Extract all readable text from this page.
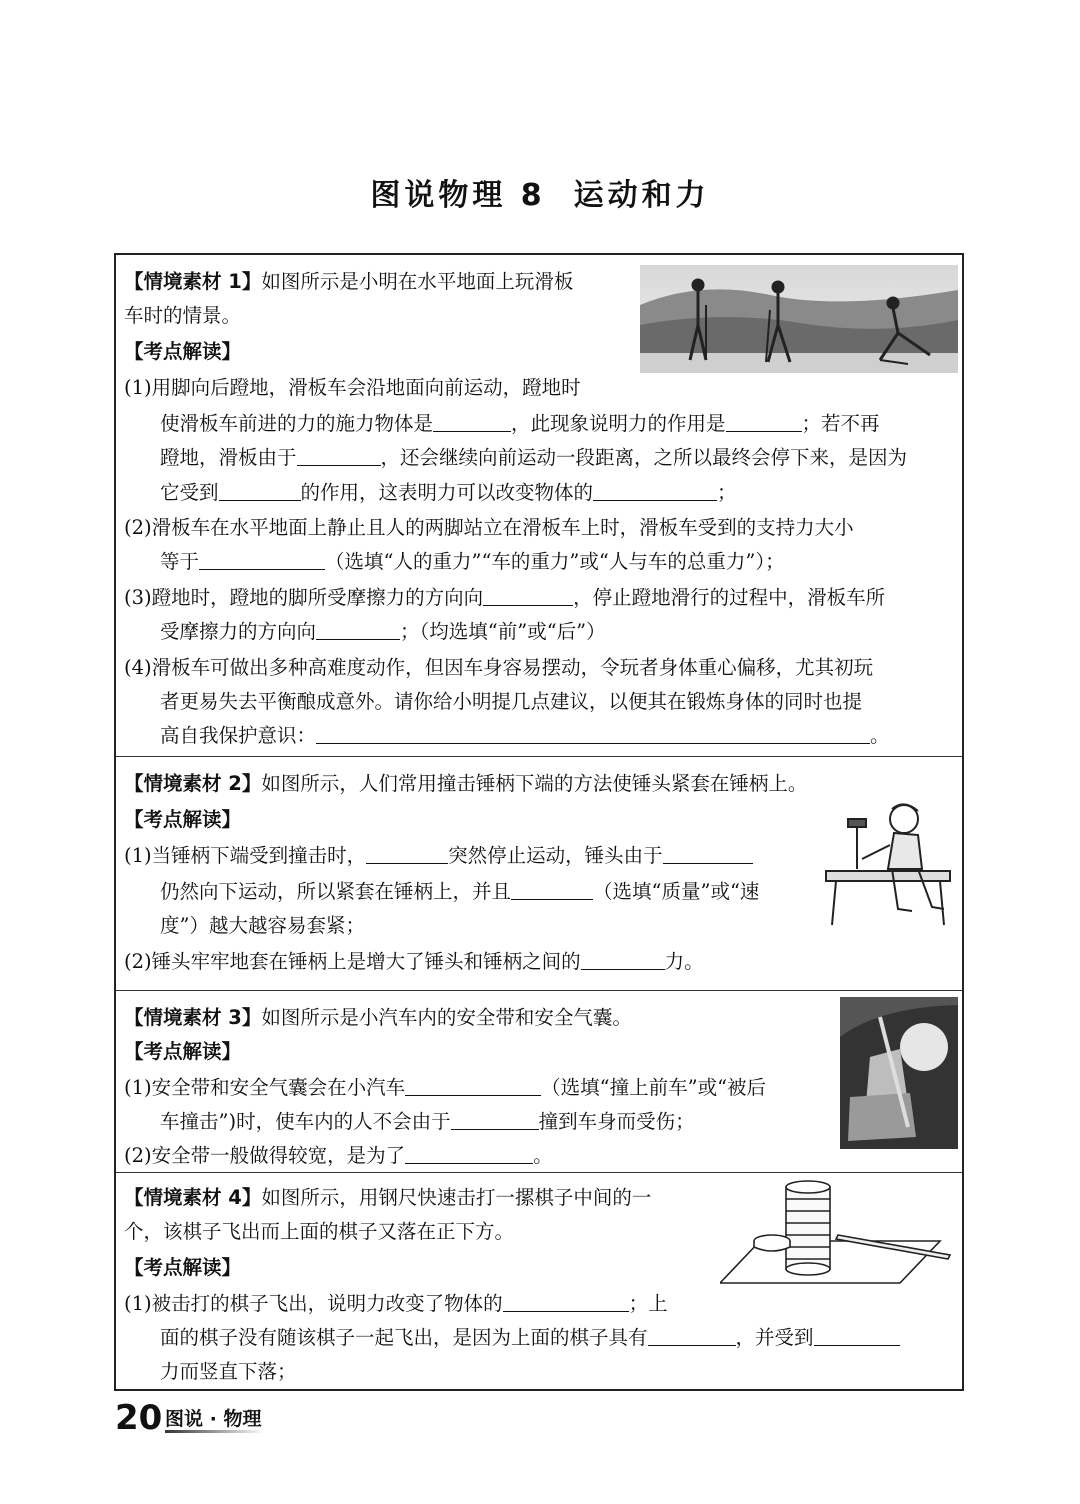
图说物理 8 运动和力
【情境素材 1】如图所示是小明在水平地面上玩滑板
车时的情景。
【考点解读】
(1)用脚向后蹬地，滑板车会沿地面向前运动，蹬地时
使滑板车前进的力的施力物体是	，此现象说明力的作用是	；若不再
蹬地，滑板由于	，还会继续向前运动一段距离，之所以最终会停下来，是因为
它受到	的作用，这表明力可以改变物体的	；
(2)滑板车在水平地面上静止且人的两脚站立在滑板车上时，滑板车受到的支持力大小
等于	（选填“人的重力”“车的重力”或“人与车的总重力”）；
(3)蹬地时，蹬地的脚所受摩擦力的方向向	，停止蹬地滑行的过程中，滑板车所
受摩擦力的方向向	；（均选填“前”或“后”）
(4)滑板车可做出多种高难度动作，但因车身容易摆动，令玩者身体重心偏移，尤其初玩
者更易失去平衡酿成意外。请你给小明提几点建议，以便其在锻炼身体的同时也提
高自我保护意识：	。
【情境素材 2】如图所示，人们常用撞击锤柄下端的方法使锤头紧套在锤柄上。
【考点解读】
(1)当锤柄下端受到撞击时，	突然停止运动，锤头由于
仍然向下运动，所以紧套在锤柄上，并且	（选填“质量”或“速
度”）越大越容易套紧；
(2)锤头牢牢地套在锤柄上是增大了锤头和锤柄之间的	力。
【情境素材 3】如图所示是小汽车内的安全带和安全气囊。
【考点解读】
(1)安全带和安全气囊会在小汽车	（选填“撞上前车”或“被后
车撞击”)时，使车内的人不会由于	撞到车身而受伤；
(2)安全带一般做得较宽，是为了	。
【情境素材 4】如图所示，用钢尺快速击打一摞棋子中间的一
个，该棋子飞出而上面的棋子又落在正下方。
【考点解读】
(1)被击打的棋子飞出，说明力改变了物体的	；上
面的棋子没有随该棋子一起飞出，是因为上面的棋子具有	，并受到
力而竖直下落；
20 图说 · 物理
